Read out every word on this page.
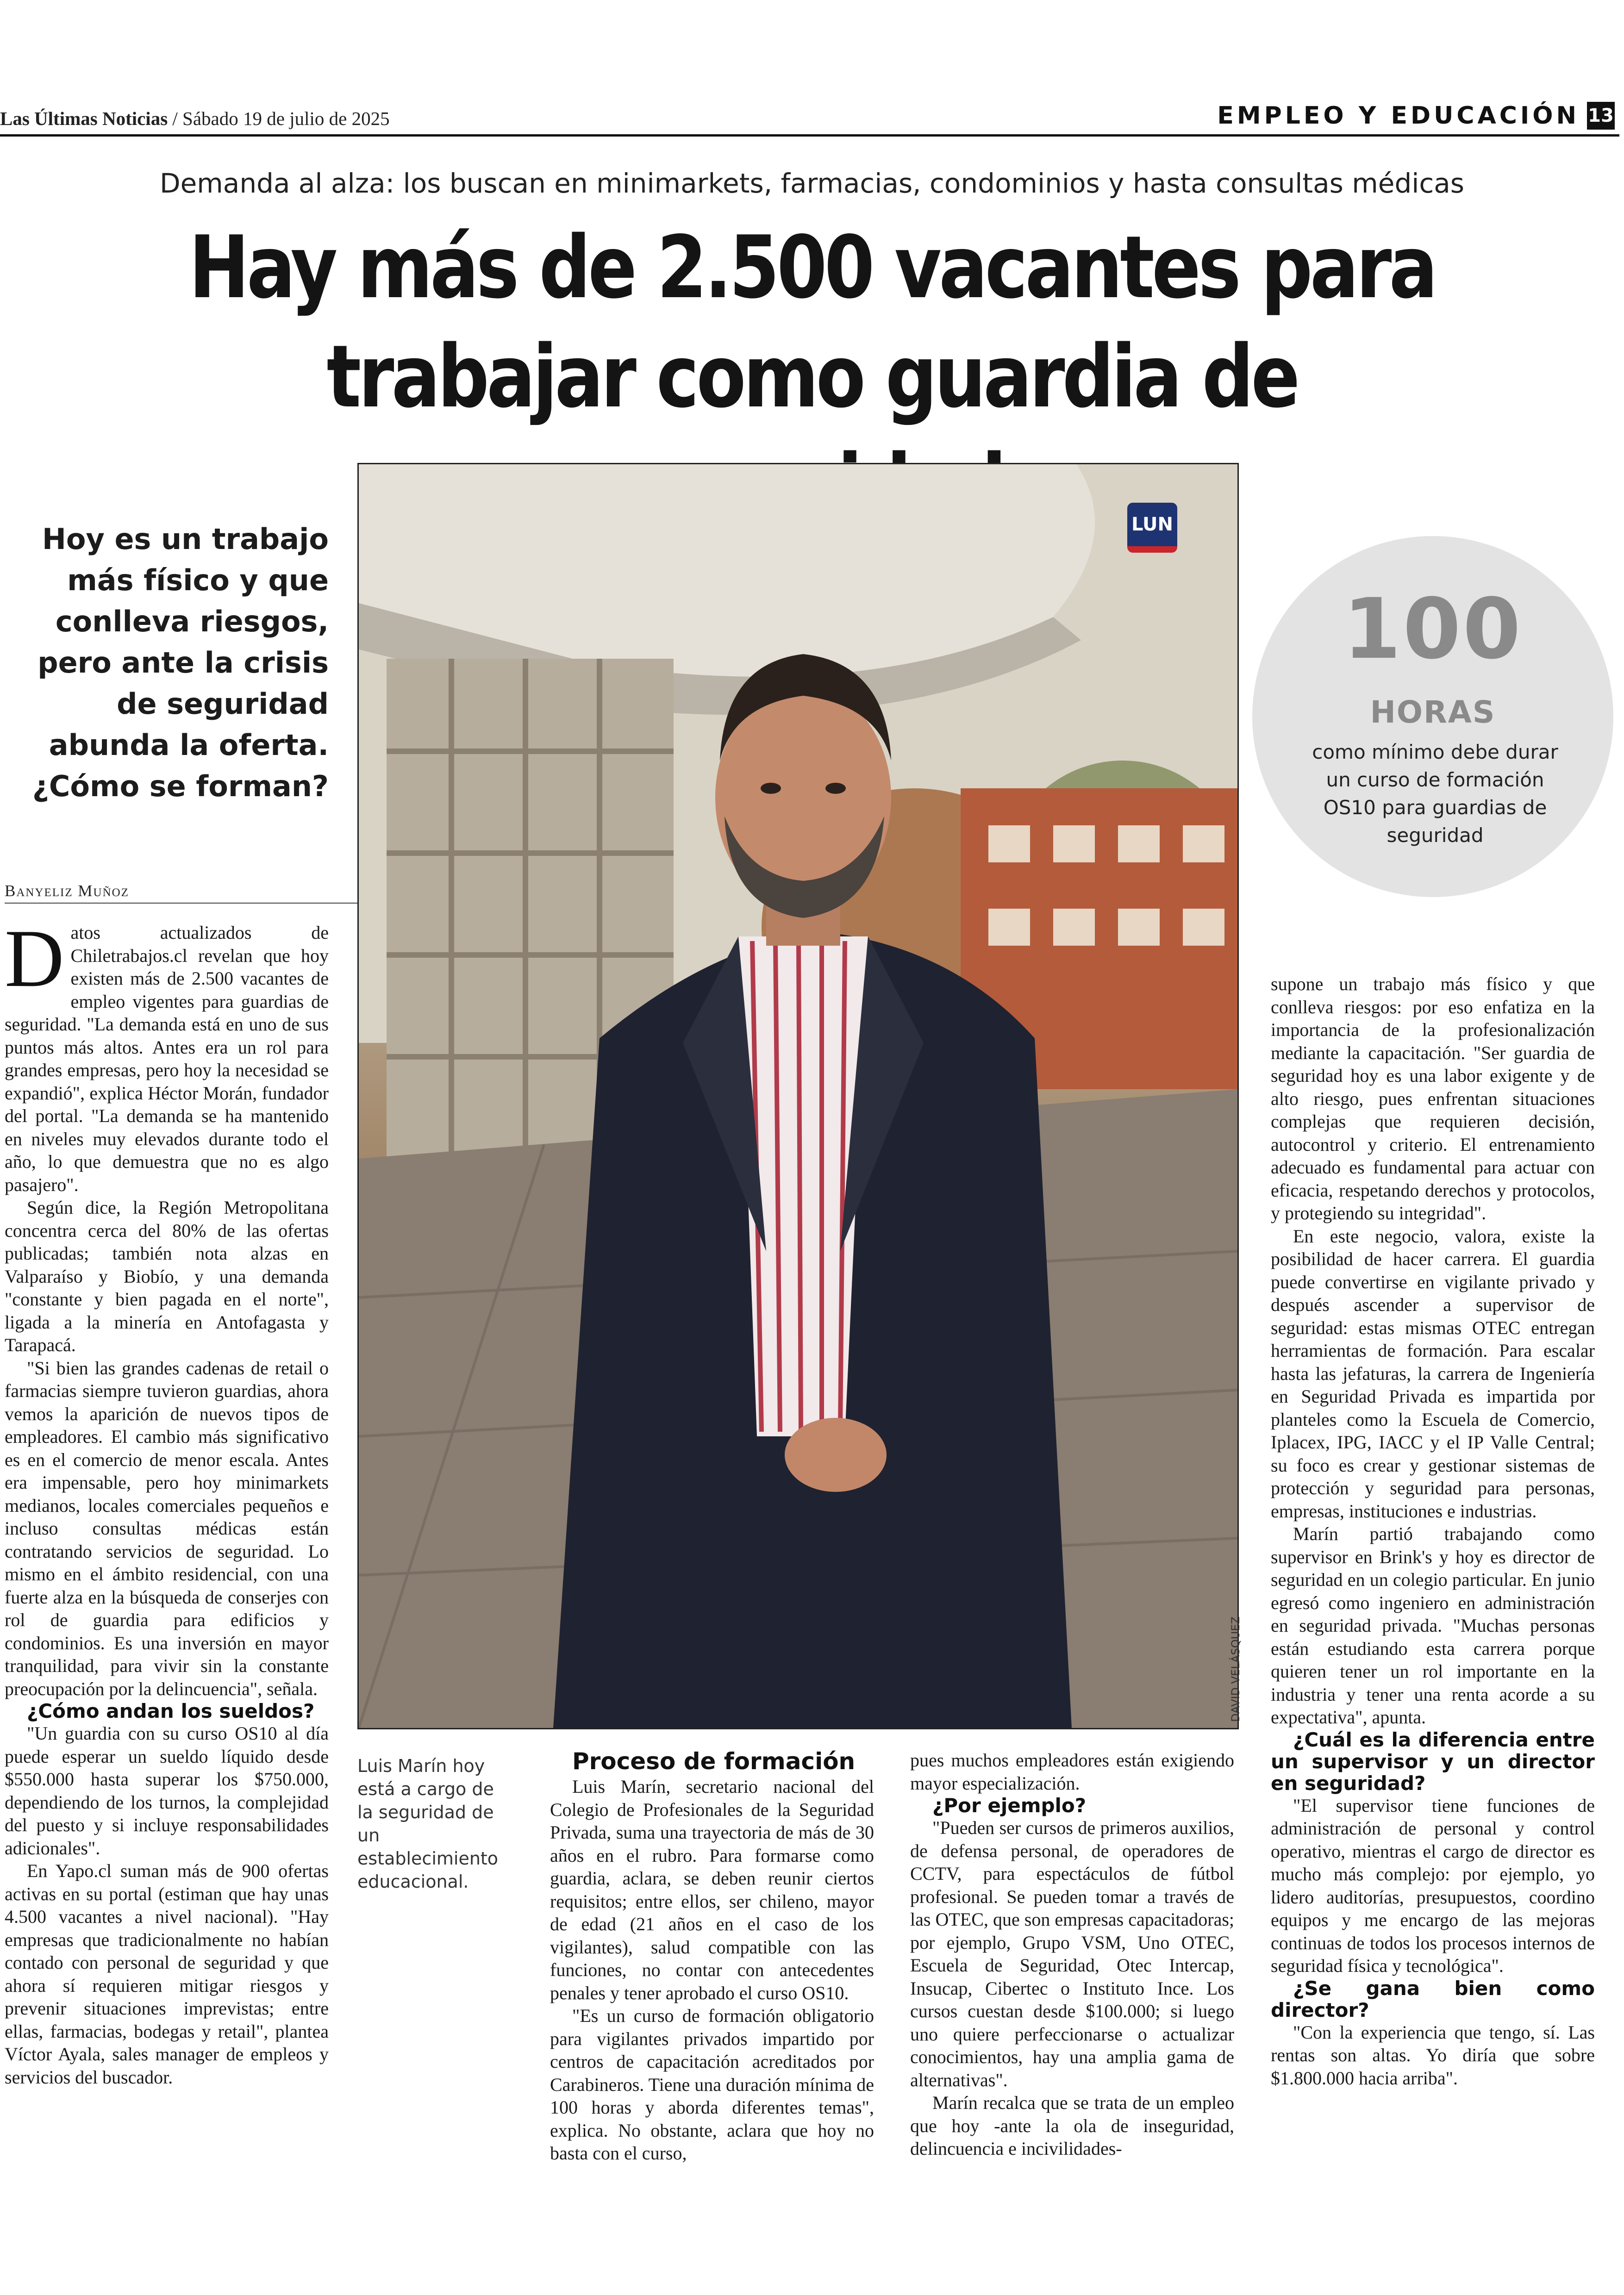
Las Últimas Noticias / Sábado 19 de julio de 2025	EMPLEO Y EDUCACIÓN 13
Demanda al alza: los buscan en minimarkets, farmacias, condominios y hasta consultas médicas
Hay más de 2.500 vacantes para
trabajar como guardia de
Hoy es un trabajo más físico y que conlleva riesgos, pero ante la crisis de seguridad abunda la oferta. ¿Cómo se forman?
Banyeliz Muñoz
LUN
DAVID VELÁSQUEZ
Luis Marín hoy está a cargo de la seguridad de un establecimiento educacional.
100
HORAS
como mínimo debe durar un curso de formación OS10 para guardias de seguridad
D atos actualizados de Chiletrabajos.cl revelan que hoy existen más de 2.500 vacantes de empleo vigentes para guardias de seguridad. "La demanda está en uno de sus puntos más altos. Antes era un rol para grandes empresas, pero hoy la necesidad se expandió", explica Héctor Morán, fundador del portal. "La demanda se ha mantenido en niveles muy elevados durante todo el año, lo que demuestra que no es algo pasajero".

Según dice, la Región Metropolitana concentra cerca del 80% de las ofertas publicadas; también nota alzas en Valparaíso y Biobío, y una demanda "constante y bien pagada en el norte", ligada a la minería en Antofagasta y Tarapacá.

"Si bien las grandes cadenas de retail o farmacias siempre tuvieron guardias, ahora vemos la aparición de nuevos tipos de empleadores. El cambio más significativo es en el comercio de menor escala. Antes era impensable, pero hoy minimarkets medianos, locales comerciales pequeños e incluso consultas médicas están contratando servicios de seguridad. Lo mismo en el ámbito residencial, con una fuerte alza en la búsqueda de conserjes con rol de guardia para edificios y condominios. Es una inversión en mayor tranquilidad, para vivir sin la constante preocupación por la delincuencia", señala.

¿Cómo andan los sueldos?

"Un guardia con su curso OS10 al día puede esperar un sueldo líquido desde $550.000 hasta superar los $750.000, dependiendo de los turnos, la complejidad del puesto y si incluye responsabilidades adicionales".

En Yapo.cl suman más de 900 ofertas activas en su portal (estiman que hay unas 4.500 vacantes a nivel nacional). "Hay empresas que tradicionalmente no habían contado con personal de seguridad y que ahora sí requieren mitigar riesgos y prevenir situaciones imprevistas; entre ellas, farmacias, bodegas y retail", plantea Víctor Ayala, sales manager de empleos y servicios del buscador.

Proceso de formación

Luis Marín, secretario nacional del Colegio de Profesionales de la Seguridad Privada, suma una trayectoria de más de 30 años en el rubro. Para formarse como guardia, aclara, se deben reunir ciertos requisitos; entre ellos, ser chileno, mayor de edad (21 años en el caso de los vigilantes), salud compatible con las funciones, no contar con antecedentes penales y tener aprobado el curso OS10.

"Es un curso de formación obligatorio para vigilantes privados impartido por centros de capacitación acreditados por Carabineros. Tiene una duración mínima de 100 horas y aborda diferentes temas", explica. No obstante, aclara que hoy no basta con el curso,

pues muchos empleadores están exigiendo mayor especialización.

¿Por ejemplo?

"Pueden ser cursos de primeros auxilios, de defensa personal, de operadores de CCTV, para espectáculos de fútbol profesional. Se pueden tomar a través de las OTEC, que son empresas capacitadoras; por ejemplo, Grupo VSM, Uno OTEC, Escuela de Seguridad, Otec Intercap, Insucap, Cibertec o Instituto Ince. Los cursos cuestan desde $100.000; si luego uno quiere perfeccionarse o actualizar conocimientos, hay una amplia gama de alternativas".

Marín recalca que se trata de un empleo que hoy -ante la ola de inseguridad, delincuencia e incivilidades-

supone un trabajo más físico y que conlleva riesgos: por eso enfatiza en la importancia de la profesionalización mediante la capacitación. "Ser guardia de seguridad hoy es una labor exigente y de alto riesgo, pues enfrentan situaciones complejas que requieren decisión, autocontrol y criterio. El entrenamiento adecuado es fundamental para actuar con eficacia, respetando derechos y protocolos, y protegiendo su integridad".

En este negocio, valora, existe la posibilidad de hacer carrera. El guardia puede convertirse en vigilante privado y después ascender a supervisor de seguridad: estas mismas OTEC entregan herramientas de formación. Para escalar hasta las jefaturas, la carrera de Ingeniería en Seguridad Privada es impartida por planteles como la Escuela de Comercio, Iplacex, IPG, IACC y el IP Valle Central; su foco es crear y gestionar sistemas de protección y seguridad para personas, empresas, instituciones e industrias.

Marín partió trabajando como supervisor en Brink's y hoy es director de seguridad en un colegio particular. En junio egresó como ingeniero en administración en seguridad privada. "Muchas personas están estudiando esta carrera porque quieren tener un rol importante en la industria y tener una renta acorde a su expectativa", apunta.

¿Cuál es la diferencia entre un supervisor y un director en seguridad?

"El supervisor tiene funciones de administración de personal y control operativo, mientras el cargo de director es mucho más complejo: por ejemplo, yo lidero auditorías, presupuestos, coordino equipos y me encargo de las mejoras continuas de todos los procesos internos de seguridad física y tecnológica".

¿Se gana bien como director?

"Con la experiencia que tengo, sí. Las rentas son altas. Yo diría que sobre $1.800.000 hacia arriba".
